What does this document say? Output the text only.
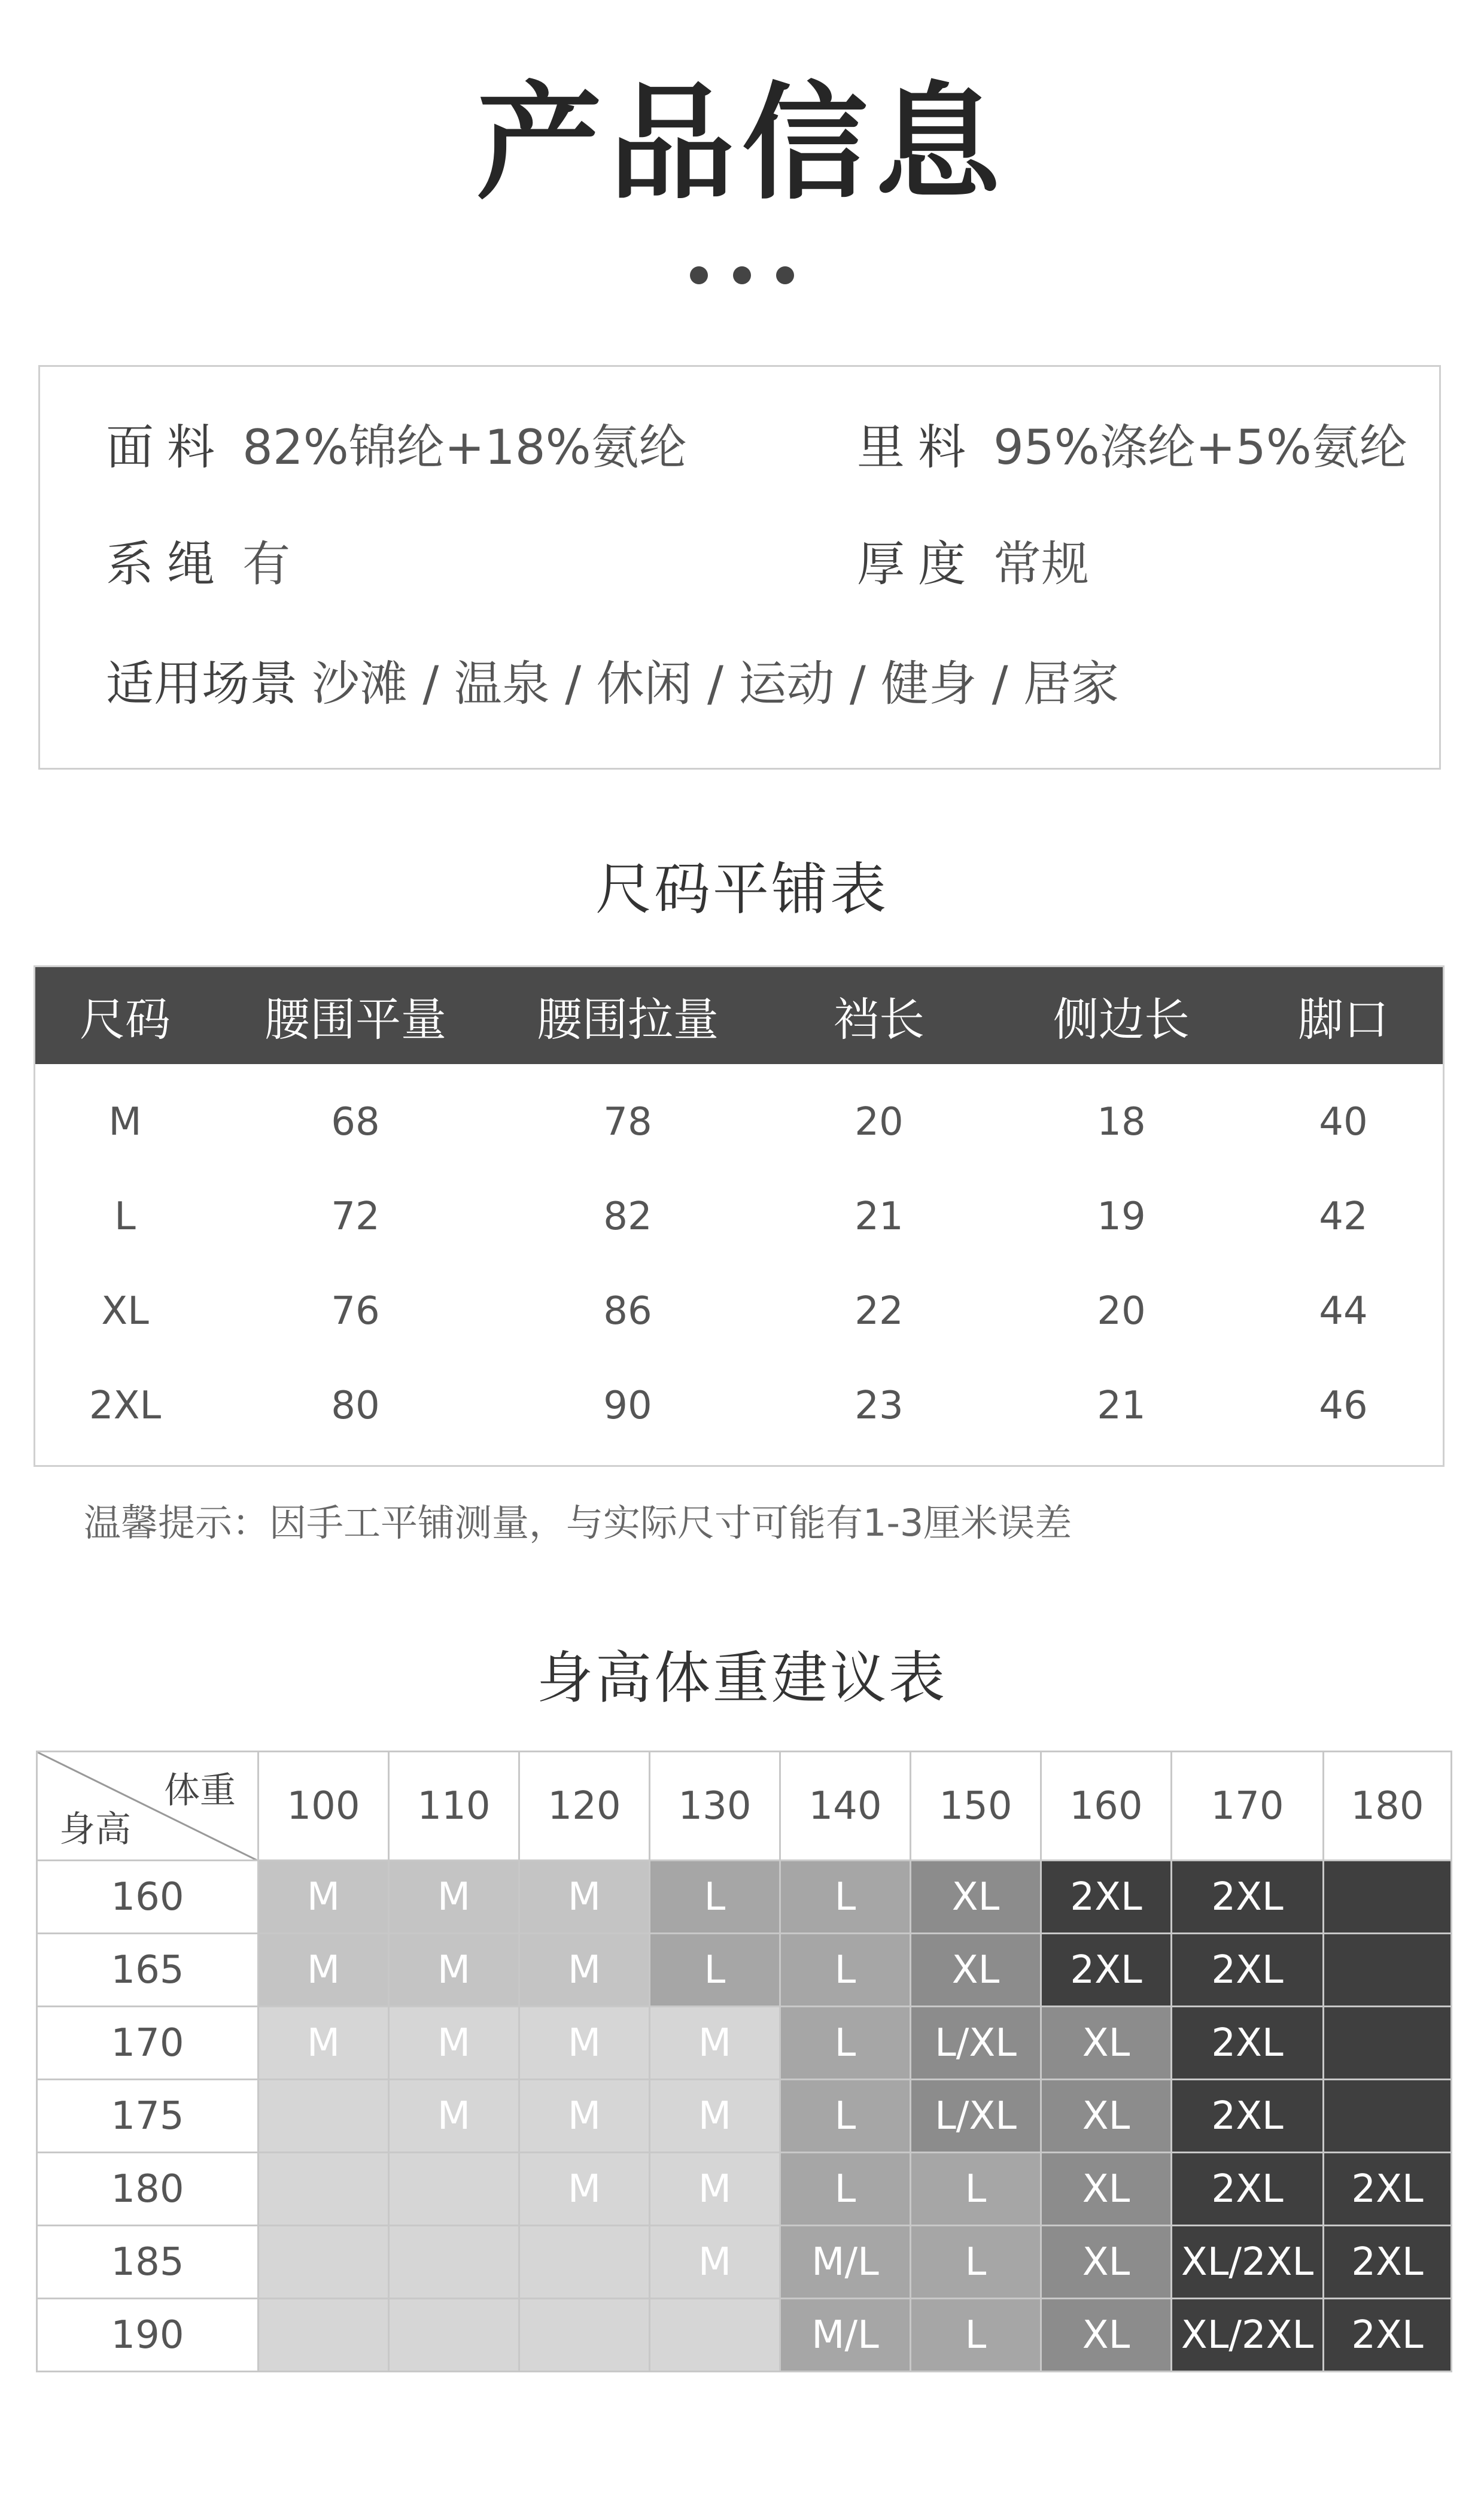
产品信息
面料 82%锦纶+18%氨纶	里料 95%涤纶+5%氨纶
系绳 有	厚度 常规
适用场景 沙滩 / 温泉 / 休闲 / 运动 / 健身 / 居家
尺码平铺表
尺码	腰围平量	腰围拉量	裆长	侧边长	脚口
M	68	78	20	18	40
L	72	82	21	19	42
XL	76	86	22	20	44
2XL	80	90	23	21	46
温馨提示：因手工平铺测量，与实际尺寸可能有1-3厘米误差
身高体重建议表
体重
身高	100	110	120	130	140	150	160	170	180
160	M	M	M	L	L	XL	2XL	2XL	
165	M	M	M	L	L	XL	2XL	2XL	
170	M	M	M	M	L	L/XL	XL	2XL	
175		M	M	M	L	L/XL	XL	2XL	
180			M	M	L	L	XL	2XL	2XL
185				M	M/L	L	XL	XL/2XL	2XL
190					M/L	L	XL	XL/2XL	2XL
